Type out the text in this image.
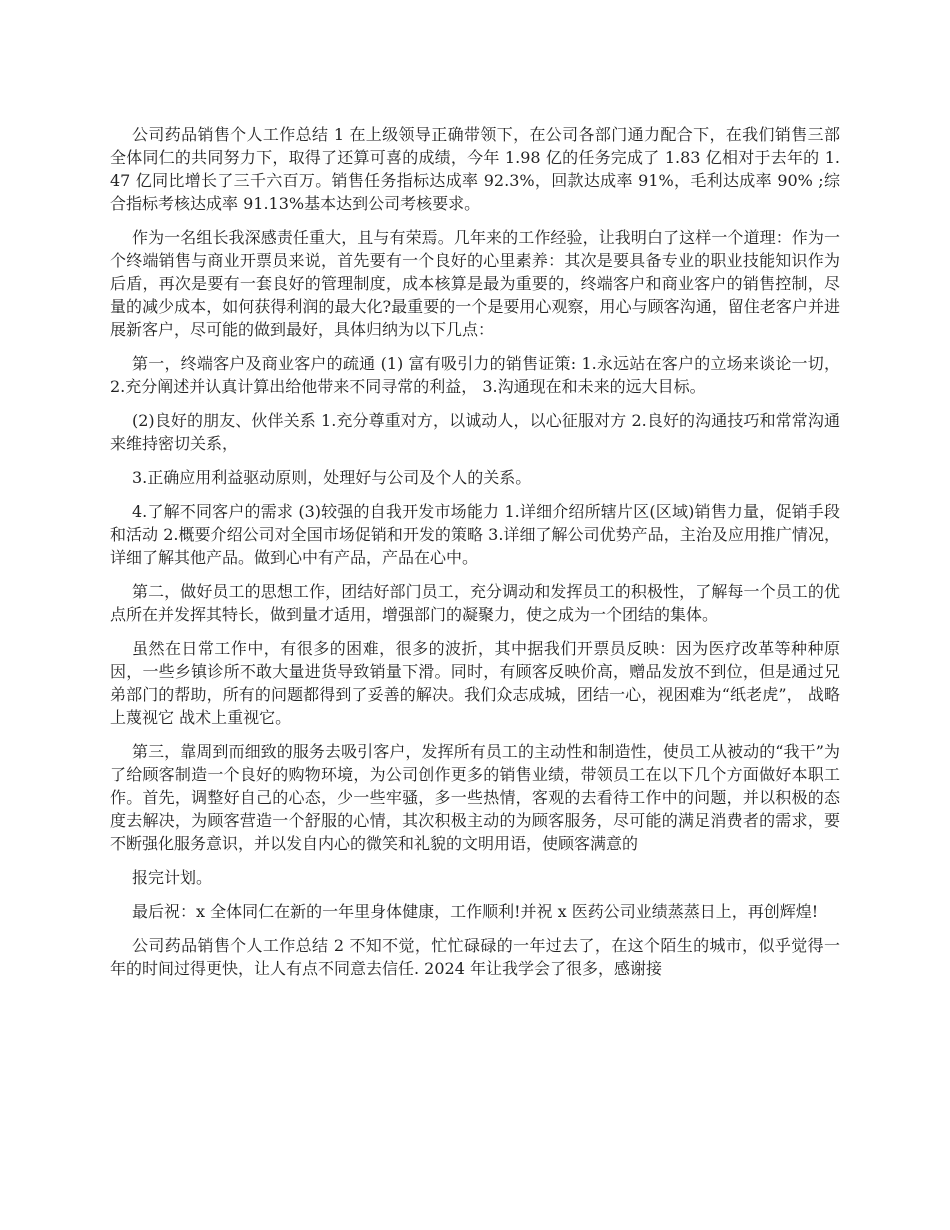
公司药品销售个人工作总结 1 在上级领导正确带领下，在公司各部门通力配合下，在我们销售三部全体同仁的共同努力下，取得了还算可喜的成绩，今年 1.98 亿的任务完成了 1.83 亿相对于去年的 1.47 亿同比增长了三千六百万。销售任务指标达成率 92.3%，回款达成率 91%，毛利达成率 90% ;综合指标考核达成率 91.13%基本达到公司考核要求。

作为一名组长我深感责任重大，且与有荣焉。几年来的工作经验，让我明白了这样一个道理：作为一个终端销售与商业开票员来说，首先要有一个良好的心里素养：其次是要具备专业的职业技能知识作为后盾，再次是要有一套良好的管理制度，成本核算是最为重要的，终端客户和商业客户的销售控制，尽量的减少成本，如何获得利润的最大化?最重要的一个是要用心观察，用心与顾客沟通，留住老客户并进展新客户，尽可能的做到最好，具体归纳为以下几点：

第一，终端客户及商业客户的疏通 (1) 富有吸引力的销售证策: 1.永远站在客户的立场来谈论一切， 2.充分阐述并认真计算出给他带来不同寻常的利益， 3.沟通现在和未来的远大目标。

(2)良好的朋友、伙伴关系 1.充分尊重对方，以诚动人，以心征服对方 2.良好的沟通技巧和常常沟通来维持密切关系，

3.正确应用利益驱动原则，处理好与公司及个人的关系。

4.了解不同客户的需求 (3)较强的自我开发市场能力 1.详细介绍所辖片区(区域)销售力量，促销手段和活动 2.概要介绍公司对全国市场促销和开发的策略 3.详细了解公司优势产品，主治及应用推广情况，详细了解其他产品。做到心中有产品，产品在心中。

第二，做好员工的思想工作，团结好部门员工，充分调动和发挥员工的积极性，了解每一个员工的优点所在并发挥其特长，做到量才适用，增强部门的凝聚力，使之成为一个团结的集体。

虽然在日常工作中，有很多的困难，很多的波折，其中据我们开票员反映：因为医疗改革等种种原因，一些乡镇诊所不敢大量进货导致销量下滑。同时，有顾客反映价高，赠品发放不到位，但是通过兄弟部门的帮助，所有的问题都得到了妥善的解决。我们众志成城，团结一心，视困难为“纸老虎”， 战略上蔑视它 战术上重视它。

第三，靠周到而细致的服务去吸引客户，发挥所有员工的主动性和制造性，使员工从被动的“我干”为了给顾客制造一个良好的购物环境，为公司创作更多的销售业绩，带领员工在以下几个方面做好本职工作。首先，调整好自己的心态，少一些牢骚，多一些热情，客观的去看待工作中的问题，并以积极的态度去解决，为顾客营造一个舒服的心情，其次积极主动的为顾客服务，尽可能的满足消费者的需求，要不断强化服务意识，并以发自内心的微笑和礼貌的文明用语，使顾客满意的

报完计划。

最后祝：x 全体同仁在新的一年里身体健康，工作顺利!并祝 x 医药公司业绩蒸蒸日上，再创辉煌!

公司药品销售个人工作总结 2 不知不觉，忙忙碌碌的一年过去了，在这个陌生的城市，似乎觉得一年的时间过得更快，让人有点不同意去信任. 2024 年让我学会了很多，感谢接
